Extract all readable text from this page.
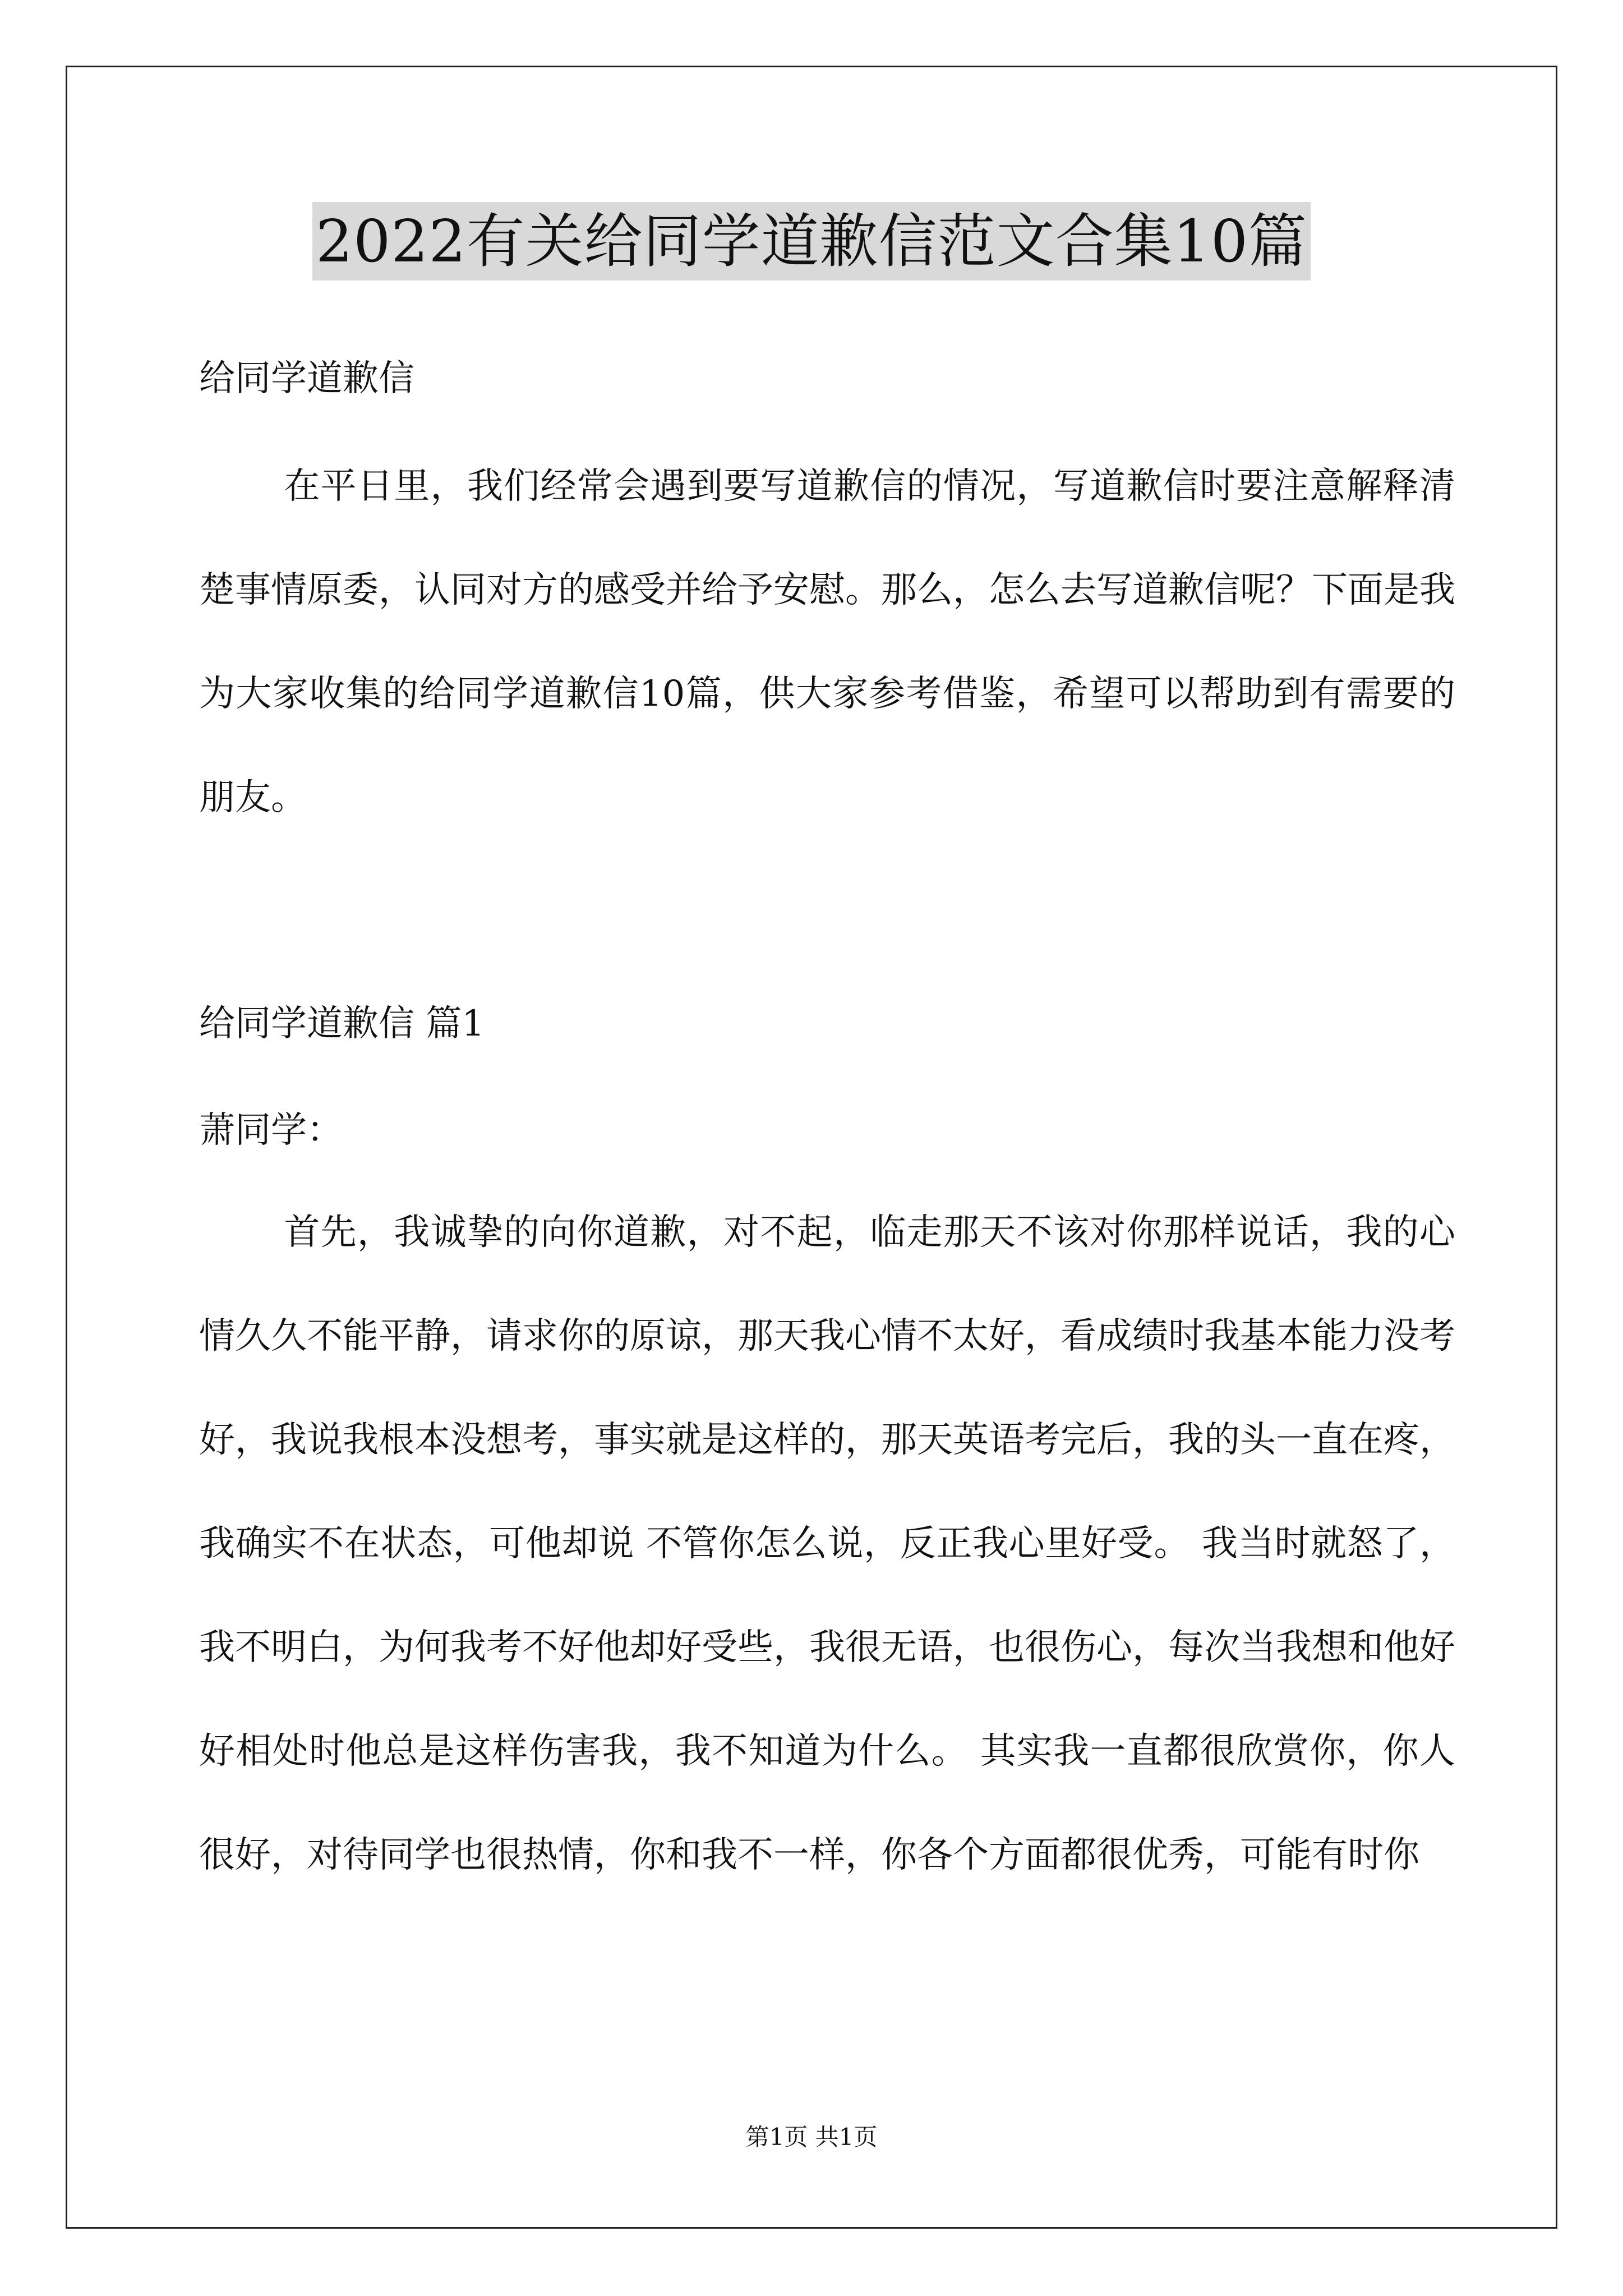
2022有关给同学道歉信范文合集10篇
给同学道歉信
在平日里，我们经常会遇到要写道歉信的情况，写道歉信时要注意解释清楚事情原委，认同对方的感受并给予安慰。那么，怎么去写道歉信呢？下面是我为大家收集的给同学道歉信10篇，供大家参考借鉴，希望可以帮助到有需要的朋友。
给同学道歉信 篇1
萧同学：
首先，我诚挚的向你道歉，对不起，临走那天不该对你那样说话，我的心情久久不能平静，请求你的原谅，那天我心情不太好，看成绩时我基本能力没考好，我说我根本没想考，事实就是这样的，那天英语考完后，我的头一直在疼，我确实不在状态，可他却说 不管你怎么说，反正我心里好受。 我当时就怒了，我不明白，为何我考不好他却好受些，我很无语，也很伤心，每次当我想和他好好相处时他总是这样伤害我，我不知道为什么。 其实我一直都很欣赏你，你人很好，对待同学也很热情，你和我不一样，你各个方面都很优秀，可能有时你
第1页 共1页
